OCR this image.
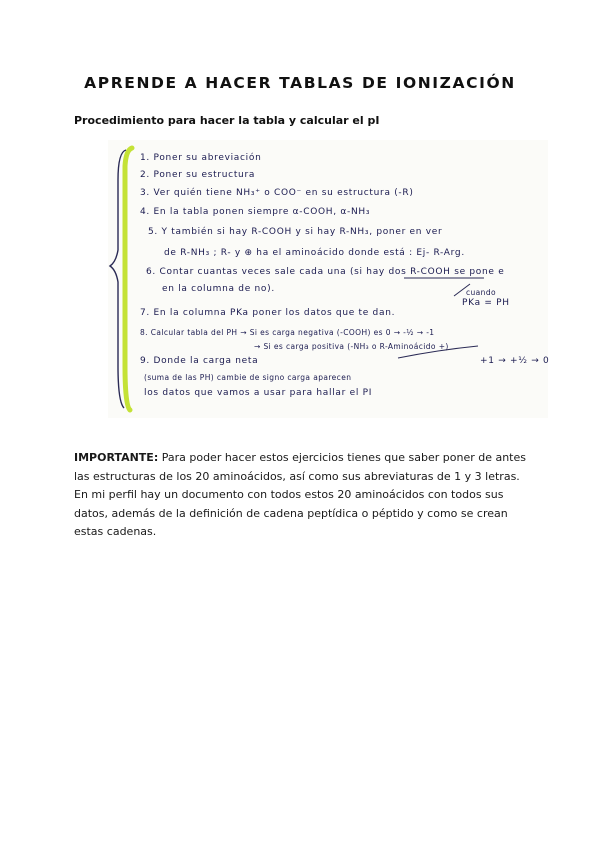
APRENDE A HACER TABLAS DE IONIZACIÓN
Procedimiento para hacer la tabla y calcular el pI
1. Poner su abreviación
2. Poner su estructura
3. Ver quién tiene NH₃⁺ o COO⁻ en su estructura (-R)
4. En la tabla ponen siempre α-COOH, α-NH₃
5. Y también si hay R-COOH y si hay R-NH₃, poner en ver
de R-NH₃ ; R- y ⊕ ha el aminoácido donde está : Ej- R-Arg.
6. Contar cuantas veces sale cada una (si hay dos R-COOH se pone e
en la columna de no).	cuando
PKa = PH
7. En la columna PKa poner los datos que te dan.
8. Calcular tabla del PH → Si es carga negativa (-COOH) es 0 → -½ → -1
→ Si es carga positiva (-NH₃ o R-Aminoácido +)
9. Donde la carga neta	+1 → +½ → 0
(suma de las PH) cambie de signo carga aparecen
los datos que vamos a usar para hallar el PI

IMPORTANTE: Para poder hacer estos ejercicios tienes que saber poner de antes las estructuras de los 20 aminoácidos, así como sus abreviaturas de 1 y 3 letras.

En mi perfil hay un documento con todos estos 20 aminoácidos con todos sus datos, además de la definición de cadena peptídica o péptido y como se crean estas cadenas.
